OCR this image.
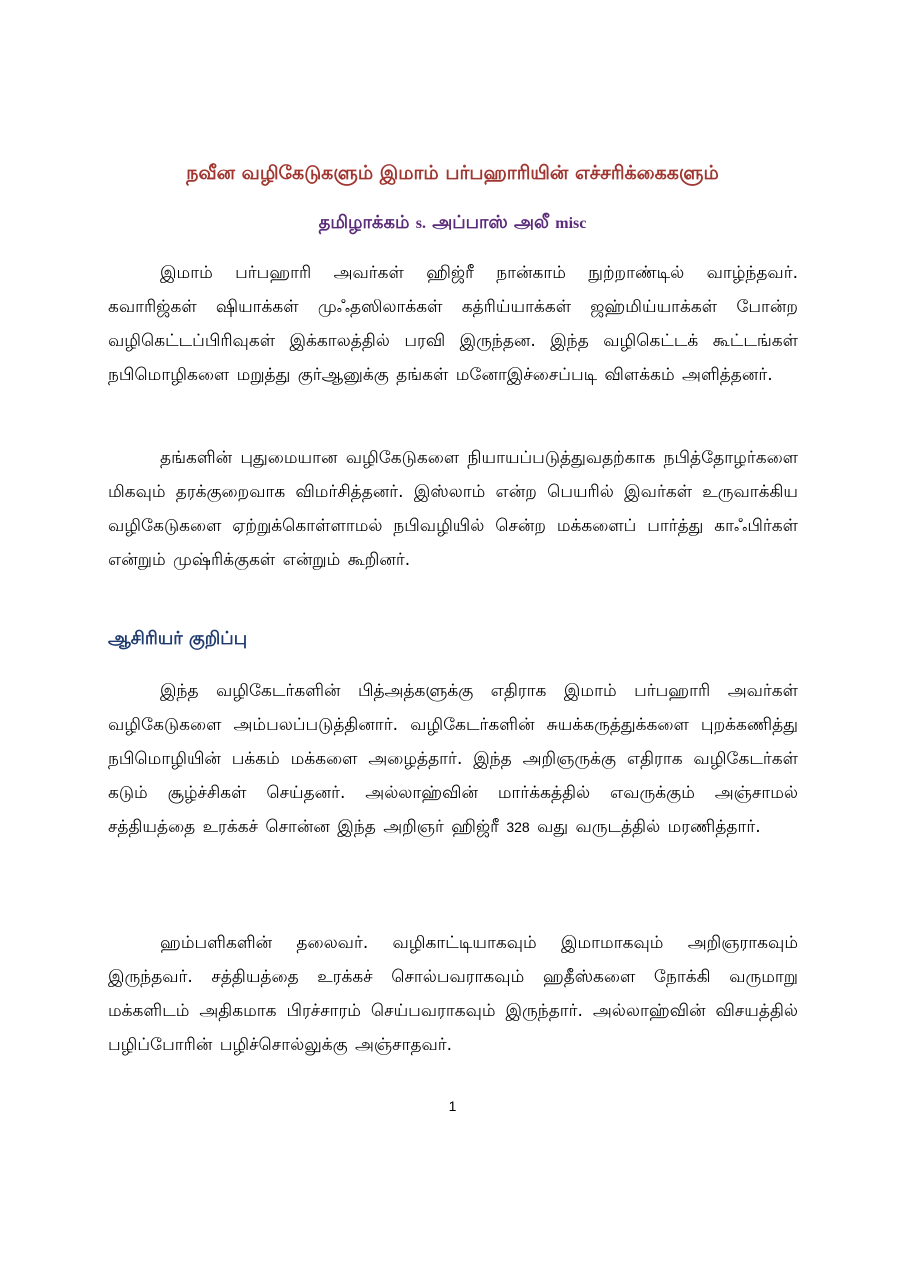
நவீன வழிகேடுகளும் இமாம் பர்பஹாரியின் எச்சரிக்கைகளும்
தமிழாக்கம் s. அப்பாஸ் அலீ misc

இமாம் பர்பஹாரி அவர்கள் ஹிஜ்ரீ நான்காம் நுற்றாண்டில் வாழ்ந்தவர். கவாரிஜ்கள் ஷியாக்கள் முஃதஸிலாக்கள் கத்ரிய்யாக்கள் ஜஹ்மிய்யாக்கள் போன்ற வழிகெட்டப்பிரிவுகள் இக்காலத்தில் பரவி இருந்தன. இந்த வழிகெட்டக் கூட்டங்கள் நபிமொழிகளை மறுத்து குர்ஆனுக்கு தங்கள் மனோஇச்சைப்படி விளக்கம் அளித்தனர்.

தங்களின் புதுமையான வழிகேடுகளை நியாயப்படுத்துவதற்காக நபித்தோழர்களை மிகவும் தரக்குறைவாக விமர்சித்தனர். இஸ்லாம் என்ற பெயரில் இவர்கள் உருவாக்கிய வழிகேடுகளை ஏற்றுக்கொள்ளாமல் நபிவழியில் சென்ற மக்களைப் பார்த்து காஃபிர்கள் என்றும் முஷ்ரிக்குகள் என்றும் கூறினர்.

ஆசிரியர் குறிப்பு

இந்த வழிகேடர்களின் பித்அத்களுக்கு எதிராக இமாம் பர்பஹாரி அவர்கள் வழிகேடுகளை அம்பலப்படுத்தினார். வழிகேடர்களின் சுயக்கருத்துக்களை புறக்கணித்து நபிமொழியின் பக்கம் மக்களை அழைத்தார். இந்த அறிஞருக்கு எதிராக வழிகேடர்கள் கடும் சூழ்ச்சிகள் செய்தனர். அல்லாஹ்வின் மார்க்கத்தில் எவருக்கும் அஞ்சாமல் சத்தியத்தை உரக்கச் சொன்ன இந்த அறிஞர் ஹிஜ்ரீ 328 வது வருடத்தில் மரணித்தார்.

ஹம்பளிகளின் தலைவர். வழிகாட்டியாகவும் இமாமாகவும் அறிஞராகவும் இருந்தவர். சத்தியத்தை உரக்கச் சொல்பவராகவும் ஹதீஸ்களை நோக்கி வருமாறு மக்களிடம் அதிகமாக பிரச்சாரம் செய்பவராகவும் இருந்தார். அல்லாஹ்வின் விசயத்தில் பழிப்போரின் பழிச்சொல்லுக்கு அஞ்சாதவர்.

1
